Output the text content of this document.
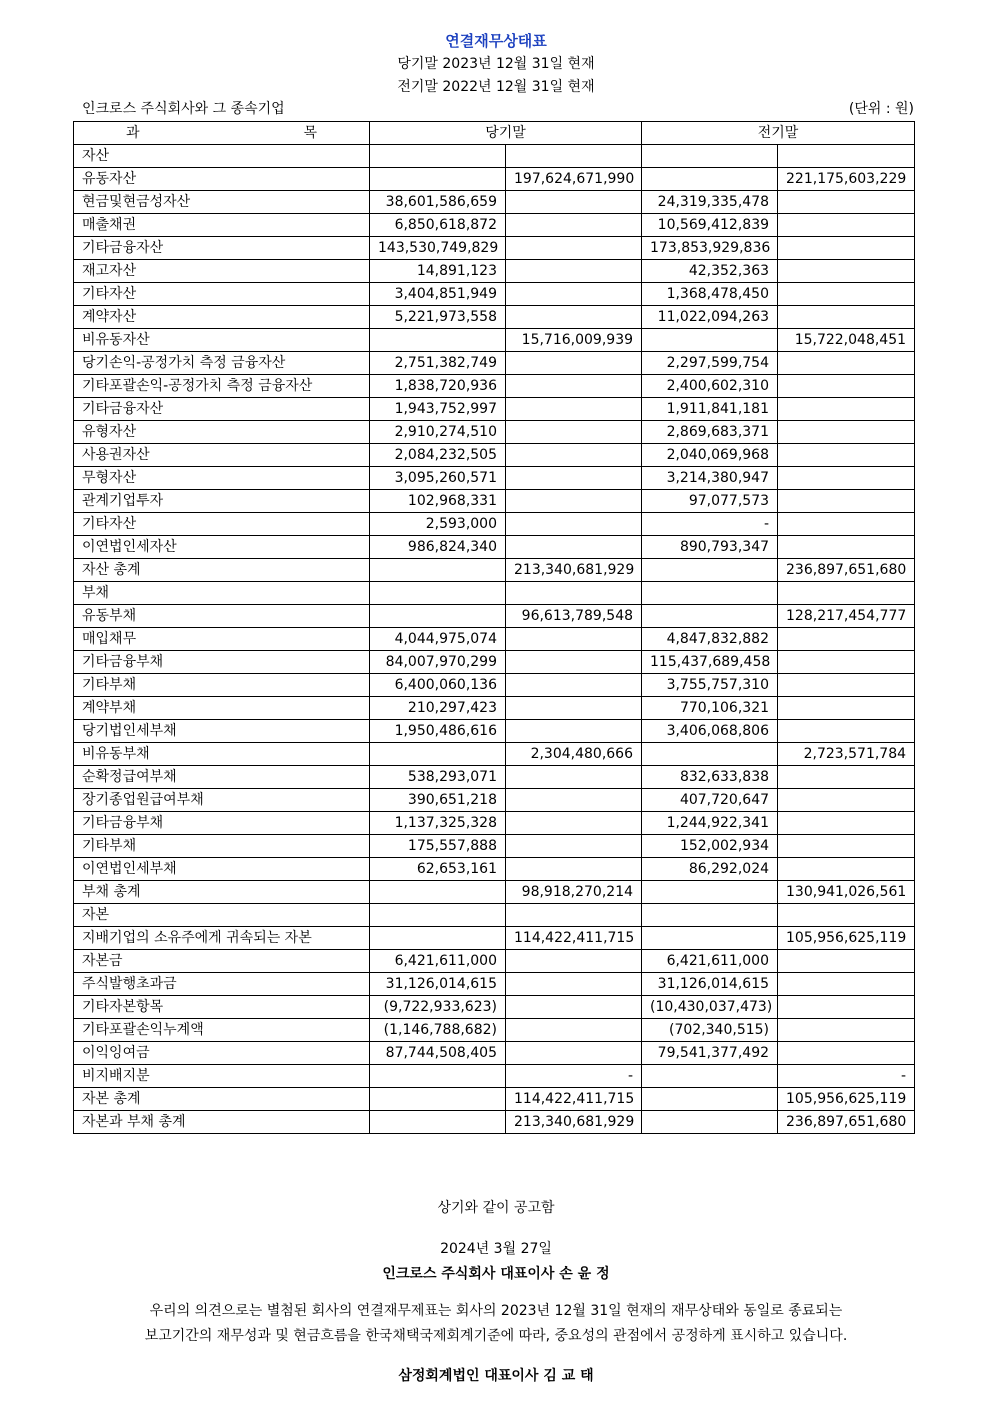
연결재무상태표
당기말 2023년 12월 31일 현재
전기말 2022년 12월 31일 현재
인크로스 주식회사와 그 종속기업	(단위 : 원)
과 목	당기말		전기말	
자산				
유동자산		197,624,671,990		221,175,603,229
현금및현금성자산	38,601,586,659		24,319,335,478	
매출채권	6,850,618,872		10,569,412,839	
기타금융자산	143,530,749,829		173,853,929,836	
재고자산	14,891,123		42,352,363	
기타자산	3,404,851,949		1,368,478,450	
계약자산	5,221,973,558		11,022,094,263	
비유동자산		15,716,009,939		15,722,048,451
당기손익-공정가치 측정 금융자산	2,751,382,749		2,297,599,754	
기타포괄손익-공정가치 측정 금융자산	1,838,720,936		2,400,602,310	
기타금융자산	1,943,752,997		1,911,841,181	
유형자산	2,910,274,510		2,869,683,371	
사용권자산	2,084,232,505		2,040,069,968	
무형자산	3,095,260,571		3,214,380,947	
관계기업투자	102,968,331		97,077,573	
기타자산	2,593,000		-	
이연법인세자산	986,824,340		890,793,347	
자산 총계		213,340,681,929		236,897,651,680
부채				
유동부채		96,613,789,548		128,217,454,777
매입채무	4,044,975,074		4,847,832,882	
기타금융부채	84,007,970,299		115,437,689,458	
기타부채	6,400,060,136		3,755,757,310	
계약부채	210,297,423		770,106,321	
당기법인세부채	1,950,486,616		3,406,068,806	
비유동부채		2,304,480,666		2,723,571,784
순확정급여부채	538,293,071		832,633,838	
장기종업원급여부채	390,651,218		407,720,647	
기타금융부채	1,137,325,328		1,244,922,341	
기타부채	175,557,888		152,002,934	
이연법인세부채	62,653,161		86,292,024	
부채 총계		98,918,270,214		130,941,026,561
자본				
지배기업의 소유주에게 귀속되는 자본		114,422,411,715		105,956,625,119
자본금	6,421,611,000		6,421,611,000	
주식발행초과금	31,126,014,615		31,126,014,615	
기타자본항목	(9,722,933,623)		(10,430,037,473)	
기타포괄손익누계액	(1,146,788,682)		(702,340,515)	
이익잉여금	87,744,508,405		79,541,377,492	
비지배지분		-		-
자본 총계		114,422,411,715		105,956,625,119
자본과 부채 총계		213,340,681,929		236,897,651,680
상기와 같이 공고함
2024년 3월 27일
인크로스 주식회사 대표이사 손 윤 정
우리의 의견으로는 별첨된 회사의 연결재무제표는 회사의 2023년 12월 31일 현재의 재무상태와 동일로 종료되는
보고기간의 재무성과 및 현금흐름을 한국채택국제회계기준에 따라, 중요성의 관점에서 공정하게 표시하고 있습니다.
삼정회계법인 대표이사 김 교 태
